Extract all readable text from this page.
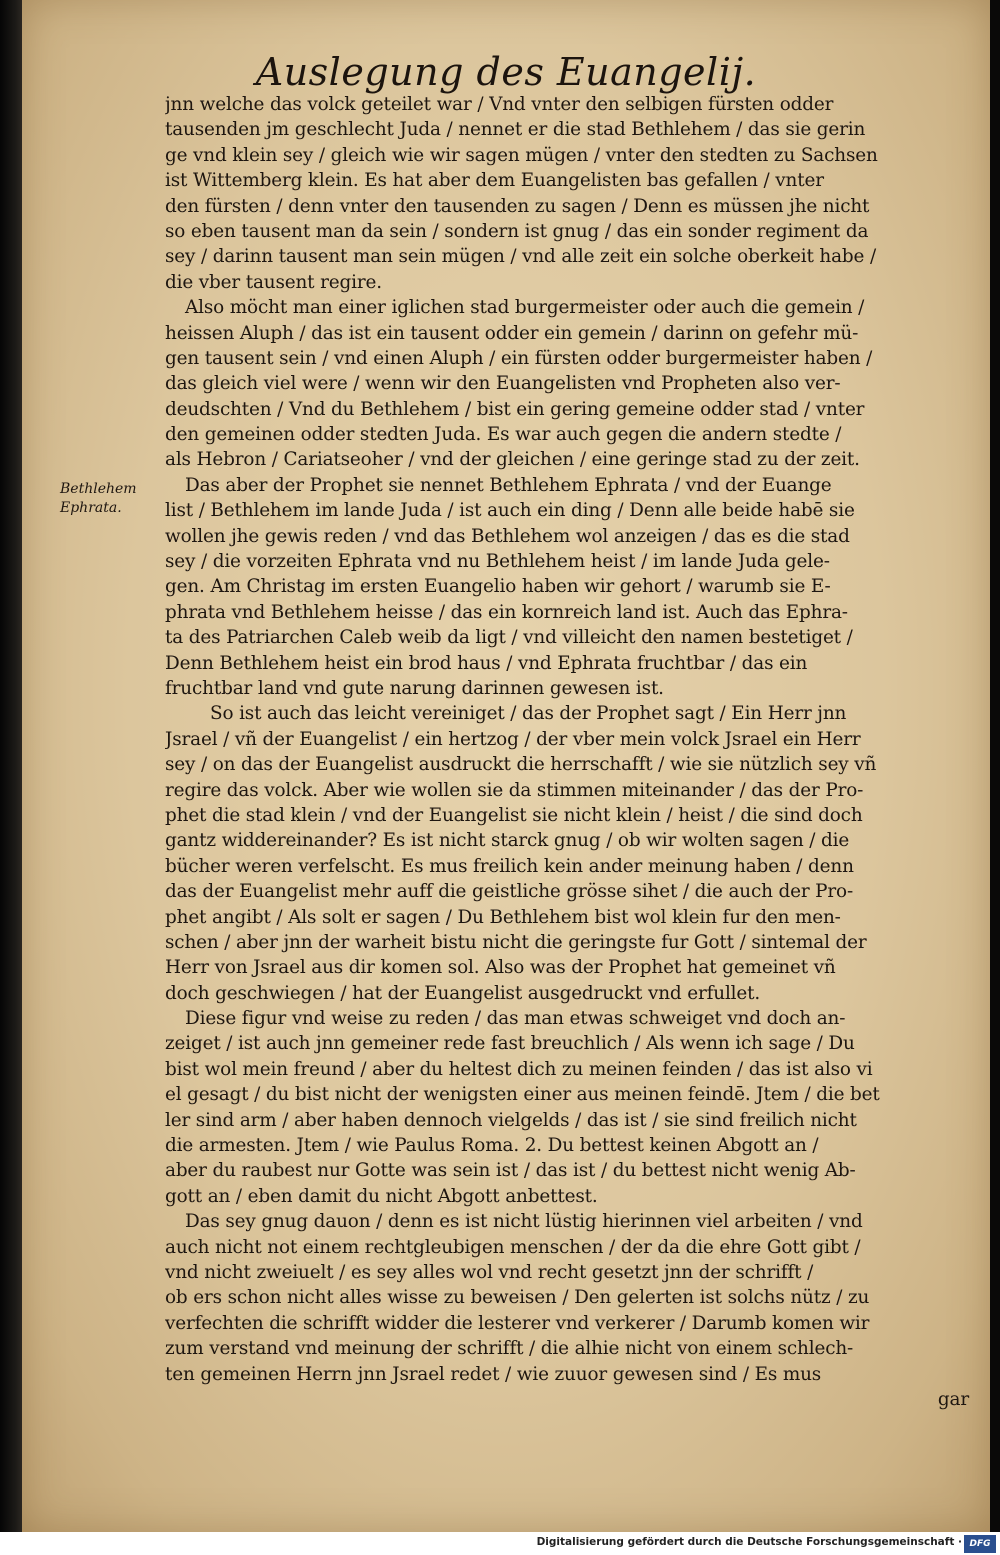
Auslegung des Euangelij.
Bethlehem
Ephrata.
jnn welche das volck geteilet war / Vnd vnter den selbigen fürsten odder
tausenden jm geschlecht Juda / nennet er die stad Bethlehem / das sie gerin
ge vnd klein sey / gleich wie wir sagen mügen / vnter den stedten zu Sachsen
ist Wittemberg klein. Es hat aber dem Euangelisten bas gefallen / vnter
den fürsten / denn vnter den tausenden zu sagen / Denn es müssen jhe nicht
so eben tausent man da sein / sondern ist gnug / das ein sonder regiment da
sey / darinn tausent man sein mügen / vnd alle zeit ein solche oberkeit habe /
die vber tausent regire.
Also möcht man einer iglichen stad burgermeister oder auch die gemein /
heissen Aluph / das ist ein tausent odder ein gemein / darinn on gefehr mü-
gen tausent sein / vnd einen Aluph / ein fürsten odder burgermeister haben /
das gleich viel were / wenn wir den Euangelisten vnd Propheten also ver-
deudschten / Vnd du Bethlehem / bist ein gering gemeine odder stad / vnter
den gemeinen odder stedten Juda. Es war auch gegen die andern stedte /
als Hebron / Cariatseoher / vnd der gleichen / eine geringe stad zu der zeit.
Das aber der Prophet sie nennet Bethlehem Ephrata / vnd der Euange
list / Bethlehem im lande Juda / ist auch ein ding / Denn alle beide habē sie
wollen jhe gewis reden / vnd das Bethlehem wol anzeigen / das es die stad
sey / die vorzeiten Ephrata vnd nu Bethlehem heist / im lande Juda gele-
gen. Am Christag im ersten Euangelio haben wir gehort / warumb sie E-
phrata vnd Bethlehem heisse / das ein kornreich land ist. Auch das Ephra-
ta des Patriarchen Caleb weib da ligt / vnd villeicht den namen bestetiget /
Denn Bethlehem heist ein brod haus / vnd Ephrata fruchtbar / das ein
fruchtbar land vnd gute narung darinnen gewesen ist.
So ist auch das leicht vereiniget / das der Prophet sagt / Ein Herr jnn
Jsrael / vñ der Euangelist / ein hertzog / der vber mein volck Jsrael ein Herr
sey / on das der Euangelist ausdruckt die herrschafft / wie sie nützlich sey vñ
regire das volck. Aber wie wollen sie da stimmen miteinander / das der Pro-
phet die stad klein / vnd der Euangelist sie nicht klein / heist / die sind doch
gantz widdereinander? Es ist nicht starck gnug / ob wir wolten sagen / die
bücher weren verfelscht. Es mus freilich kein ander meinung haben / denn
das der Euangelist mehr auff die geistliche grösse sihet / die auch der Pro-
phet angibt / Als solt er sagen / Du Bethlehem bist wol klein fur den men-
schen / aber jnn der warheit bistu nicht die geringste fur Gott / sintemal der
Herr von Jsrael aus dir komen sol. Also was der Prophet hat gemeinet vñ
doch geschwiegen / hat der Euangelist ausgedruckt vnd erfullet.
Diese figur vnd weise zu reden / das man etwas schweiget vnd doch an-
zeiget / ist auch jnn gemeiner rede fast breuchlich / Als wenn ich sage / Du
bist wol mein freund / aber du heltest dich zu meinen feinden / das ist also vi
el gesagt / du bist nicht der wenigsten einer aus meinen feindē. Jtem / die bet
ler sind arm / aber haben dennoch vielgelds / das ist / sie sind freilich nicht
die armesten. Jtem / wie Paulus Roma. 2. Du bettest keinen Abgott an /
aber du raubest nur Gotte was sein ist / das ist / du bettest nicht wenig Ab-
gott an / eben damit du nicht Abgott anbettest.
Das sey gnug dauon / denn es ist nicht lüstig hierinnen viel arbeiten / vnd
auch nicht not einem rechtgleubigen menschen / der da die ehre Gott gibt /
vnd nicht zweiuelt / es sey alles wol vnd recht gesetzt jnn der schrifft /
ob ers schon nicht alles wisse zu beweisen / Den gelerten ist solchs nütz / zu
verfechten die schrifft widder die lesterer vnd verkerer / Darumb komen wir
zum verstand vnd meinung der schrifft / die alhie nicht von einem schlech-
ten gemeinen Herrn jnn Jsrael redet / wie zuuor gewesen sind / Es mus
gar
Digitalisierung gefördert durch die Deutsche Forschungsgemeinschaft · DFG
